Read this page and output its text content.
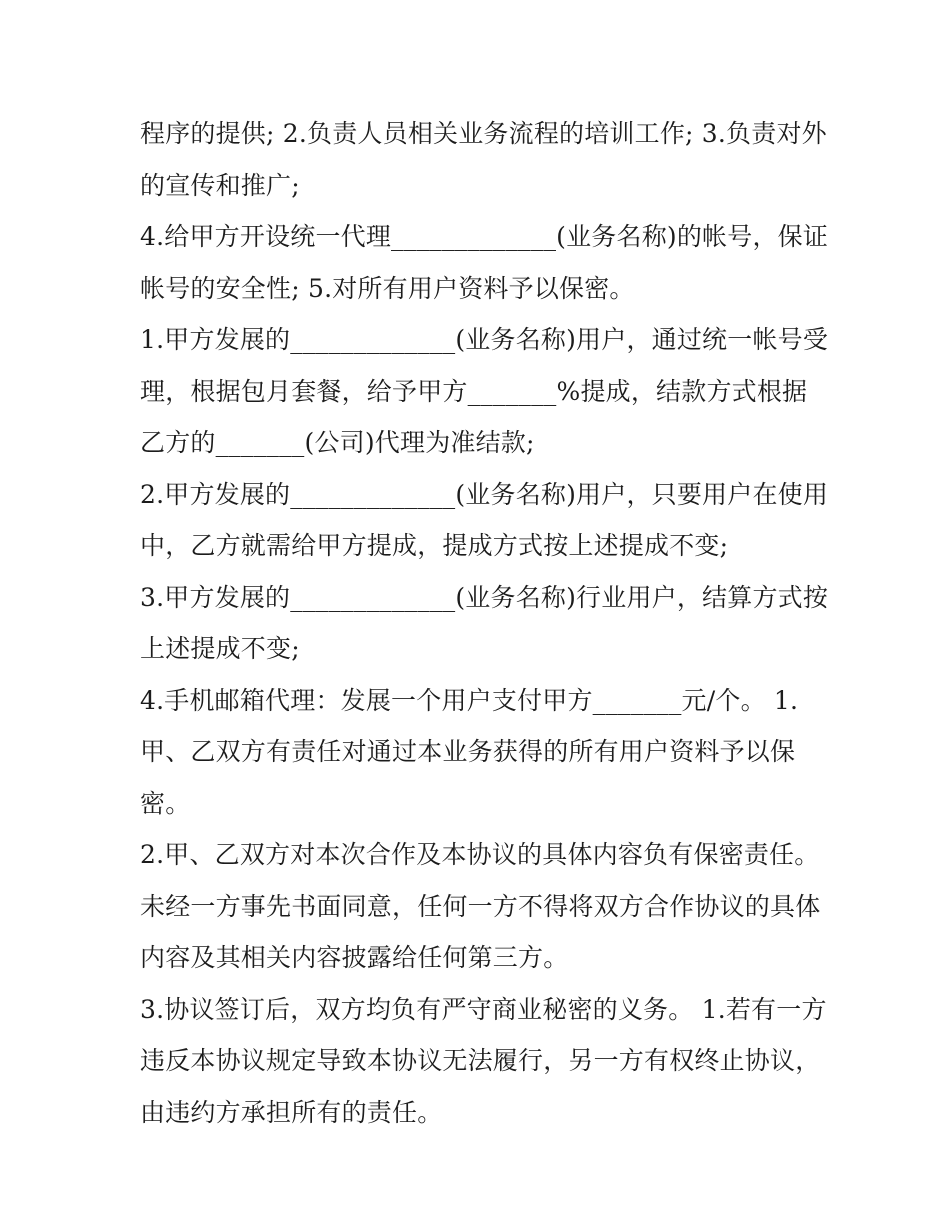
程序的提供; 2.负责人员相关业务流程的培训工作; 3.负责对外
的宣传和推广;
4.给甲方开设统一代理_____________(业务名称)的帐号，保证
帐号的安全性; 5.对所有用户资料予以保密。
1.甲方发展的_____________(业务名称)用户，通过统一帐号受
理，根据包月套餐，给予甲方_______%提成，结款方式根据
乙方的_______(公司)代理为准结款;
2.甲方发展的_____________(业务名称)用户，只要用户在使用
中，乙方就需给甲方提成，提成方式按上述提成不变;
3.甲方发展的_____________(业务名称)行业用户，结算方式按
上述提成不变;
4.手机邮箱代理：发展一个用户支付甲方_______元/个。 1.
甲、乙双方有责任对通过本业务获得的所有用户资料予以保
密。
2.甲、乙双方对本次合作及本协议的具体内容负有保密责任。
未经一方事先书面同意，任何一方不得将双方合作协议的具体
内容及其相关内容披露给任何第三方。
3.协议签订后，双方均负有严守商业秘密的义务。 1.若有一方
违反本协议规定导致本协议无法履行，另一方有权终止协议，
由违约方承担所有的责任。
